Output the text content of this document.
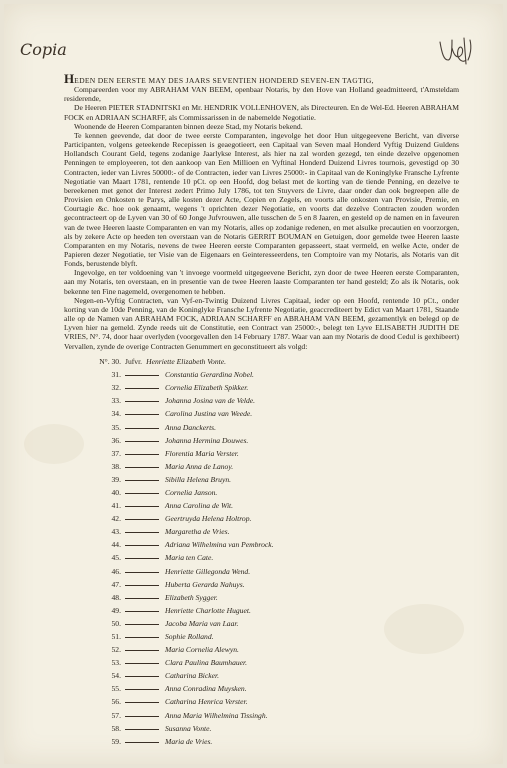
Copia

HEDEN DEN EERSTE MAY DES JAARS SEVENTIEN HONDERD SEVEN-EN TAGTIG,

Compareerden voor my ABRAHAM VAN BEEM, openbaar Notaris, by den Hove van Holland geadmitteerd, t'Amsteldam residerende,

De Heeren PIETER STADNITSKI en Mr. HENDRIK VOLLENHOVEN, als Directeuren. En de Wel-Ed. Heeren ABRAHAM FOCK en ADRIAAN SCHARFF, als Commissarissen in de nabemelde Negotiatie.

Woonende de Heeren Comparanten binnen deeze Stad, my Notaris bekend.

Te kennen geevende, dat door de twee eerste Comparanten, ingevolge het door Hun uitgegeevene Bericht, van diverse Participanten, volgens geteekende Recepissen is geaegotieert, een Capitaal van Seven maal Honderd Vyftig Duizend Guldens Hollandsch Courant Geld, tegens zodanige Jaarlykse Interest, als hier na zal worden gezegd, ten einde dezelve opgenomen Penningen te employeeren, tot den aankoop van Een Millioen en Vyftinal Honderd Duizend Livres tournois, gevestigd op 30 Contracten, ieder van Livres 50000:- of de Contracten, ieder van Livres 25000:- in Capitaal van de Koninglyke Fransche Lyfrente Negotiatie van Maart 1781, rentende 10 pCt. op een Hoofd, dog belast met de korting van de tiende Penning, en dezelve te bereekenen met genot der Interest zedert Primo July 1786, tot ten Stuyvers de Livre, daar onder dan ook begreepen alle de Provisien en Onkosten te Parys, alle kosten dezer Acte, Copien en Zegels, en voorts alle onkosten van Provisie, Premie, en Courtagie &c. hoe ook genaamt, wegens 't oprichten dezer Negotiatie, en voorts dat dezelve Contracten zouden worden gecontracteert op de Lyven van 30 of 60 Jonge Jufvrouwen, alle tusschen de 5 en 8 Jaaren, en gesteld op de namen en in faveuren van de twee Heeren laaste Comparanten en van my Notaris, alles op zodanige redenen, en met alsulke precautien en voorzorgen, als by zekere Acte op heeden ten overstaan van de Notaris GERRIT BOUMAN en Getuigen, door gemelde twee Heeren laaste Comparanten en my Notaris, nevens de twee Heeren eerste Comparanten gepasseert, staat vermeld, en welke Acte, onder de Papieren dezer Negotiatie, ter Visie van de Eigenaars en Geinteresseerdens, ten Comptoire van my Notaris, als Notaris van dit Fonds, berustende blyft.

Ingevolge, en ter voldoening van 't invoege voormeld uitgegeevene Bericht, zyn door de twee Heeren eerste Comparanten, aan my Notaris, ten overstaan, en in presentie van de twee Heeren laaste Comparanten ter hand gesteld; Zo als ik Notaris, ook bekenne ten Fine nagemeld, overgenomen te hebben.

Negen-en-Vyftig Contracten, van Vyf-en-Twintig Duizend Livres Capitaal, ieder op een Hoofd, rentende 10 pCt., onder korting van de 10de Penning, van de Koninglyke Fransche Lyfrente Negotiatie, geaccrediteert by Edict van Maart 1781, Staande alle op de Namen van ABRAHAM FOCK, ADRIAAN SCHARFF en ABRAHAM VAN BEEM, gezamentlyk en belegd op de Lyven hier na gemeld. Zynde reeds uit de Constitutie, een Contract van 25000:-, belegt ten Lyve ELISABETH JUDITH DE VRIES, N°. 74, door haar overlyden (voorgevallen den 14 February 1787. Waar van aan my Notaris de dood Cedul is gexhibeert) Vervallen, zynde de overige Contracten Genummert en geconstitueert als volgd:

N°. 30. Jufvr. Henriette Elizabeth Vonte.
31.	Constantia Gerardina Nobel.
32.	Cornelia Elizabeth Spikker.
33.	Johanna Josina van de Velde.
34.	Carolina Justina van Weede.
35.	Anna Danckerts.
36.	Johanna Hermina Douwes.
37.	Florentia Maria Verster.
38.	Maria Anna de Lanoy.
39.	Sibilla Helena Bruyn.
40.	Cornelia Janson.
41.	Anna Carolina de Wit.
42.	Geertruyda Helena Holtrop.
43.	Margaretha de Vries.
44.	Adriana Wilhelmina van Pembrock.
45.	Maria ten Cate.
46.	Henriette Gillegonda Wend.
47.	Huberta Gerarda Nahuys.
48.	Elizabeth Sygger.
49.	Henriette Charlotte Huguet.
50.	Jacoba Maria van Laar.
51.	Sophie Rolland.
52.	Maria Cornelia Alewyn.
53.	Clara Paulina Baumhauer.
54.	Catharina Bicker.
55.	Anna Conradina Muysken.
56.	Catharina Henrica Verster.
57.	Anna Maria Wilhelmina Tissingh.
58.	Susanna Vonte.
59.	Maria de Vries.
